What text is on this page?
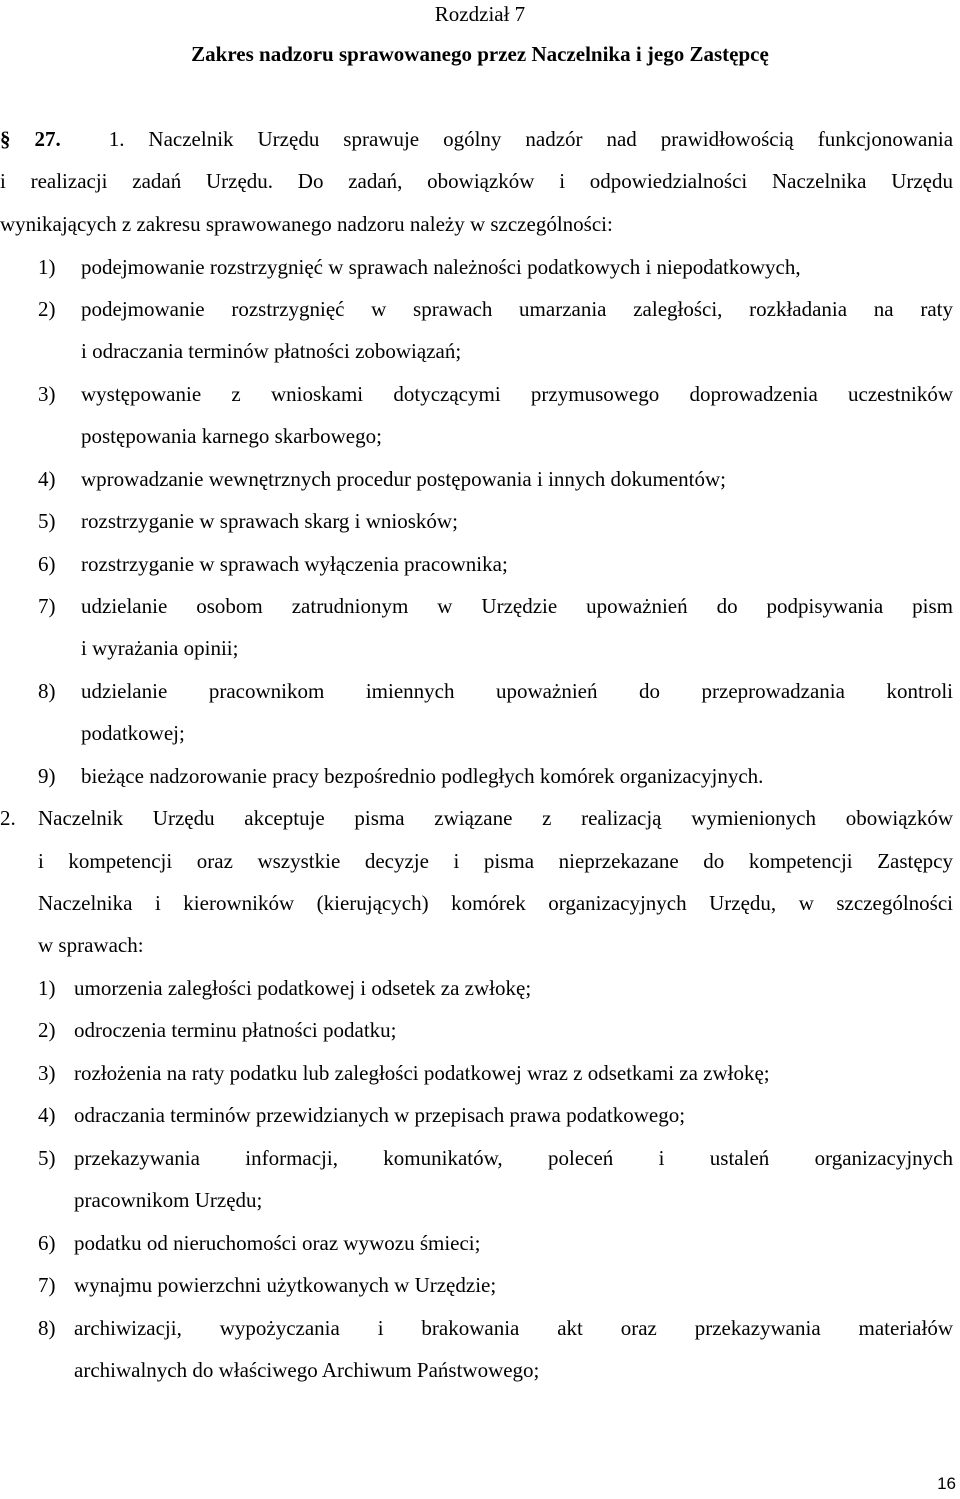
Rozdział 7
Zakres nadzoru sprawowanego przez Naczelnika i jego Zastępcę
§ 27. 1. Naczelnik Urzędu sprawuje ogólny nadzór nad prawidłowością funkcjonowania
i realizacji zadań Urzędu. Do zadań, obowiązków i odpowiedzialności Naczelnika Urzędu
wynikających z zakresu sprawowanego nadzoru należy w szczególności:
1) podejmowanie rozstrzygnięć w sprawach należności podatkowych i niepodatkowych,
2) podejmowanie rozstrzygnięć w sprawach umarzania zaległości, rozkładania na raty
i odraczania terminów płatności zobowiązań;
3) występowanie z wnioskami dotyczącymi przymusowego doprowadzenia uczestników
postępowania karnego skarbowego;
4) wprowadzanie wewnętrznych procedur postępowania i innych dokumentów;
5) rozstrzyganie w sprawach skarg i wniosków;
6) rozstrzyganie w sprawach wyłączenia pracownika;
7) udzielanie osobom zatrudnionym w Urzędzie upoważnień do podpisywania pism
i wyrażania opinii;
8) udzielanie pracownikom imiennych upoważnień do przeprowadzania kontroli
podatkowej;
9) bieżące nadzorowanie pracy bezpośrednio podległych komórek organizacyjnych.
2. Naczelnik Urzędu akceptuje pisma związane z realizacją wymienionych obowiązków
i kompetencji oraz wszystkie decyzje i pisma nieprzekazane do kompetencji Zastępcy
Naczelnika i kierowników (kierujących) komórek organizacyjnych Urzędu, w szczególności
w sprawach:
1) umorzenia zaległości podatkowej i odsetek za zwłokę;
2) odroczenia terminu płatności podatku;
3) rozłożenia na raty podatku lub zaległości podatkowej wraz z odsetkami za zwłokę;
4) odraczania terminów przewidzianych w przepisach prawa podatkowego;
5) przekazywania informacji, komunikatów, poleceń i ustaleń organizacyjnych
pracownikom Urzędu;
6) podatku od nieruchomości oraz wywozu śmieci;
7) wynajmu powierzchni użytkowanych w Urzędzie;
8) archiwizacji, wypożyczania i brakowania akt oraz przekazywania materiałów
archiwalnych do właściwego Archiwum Państwowego;
16
